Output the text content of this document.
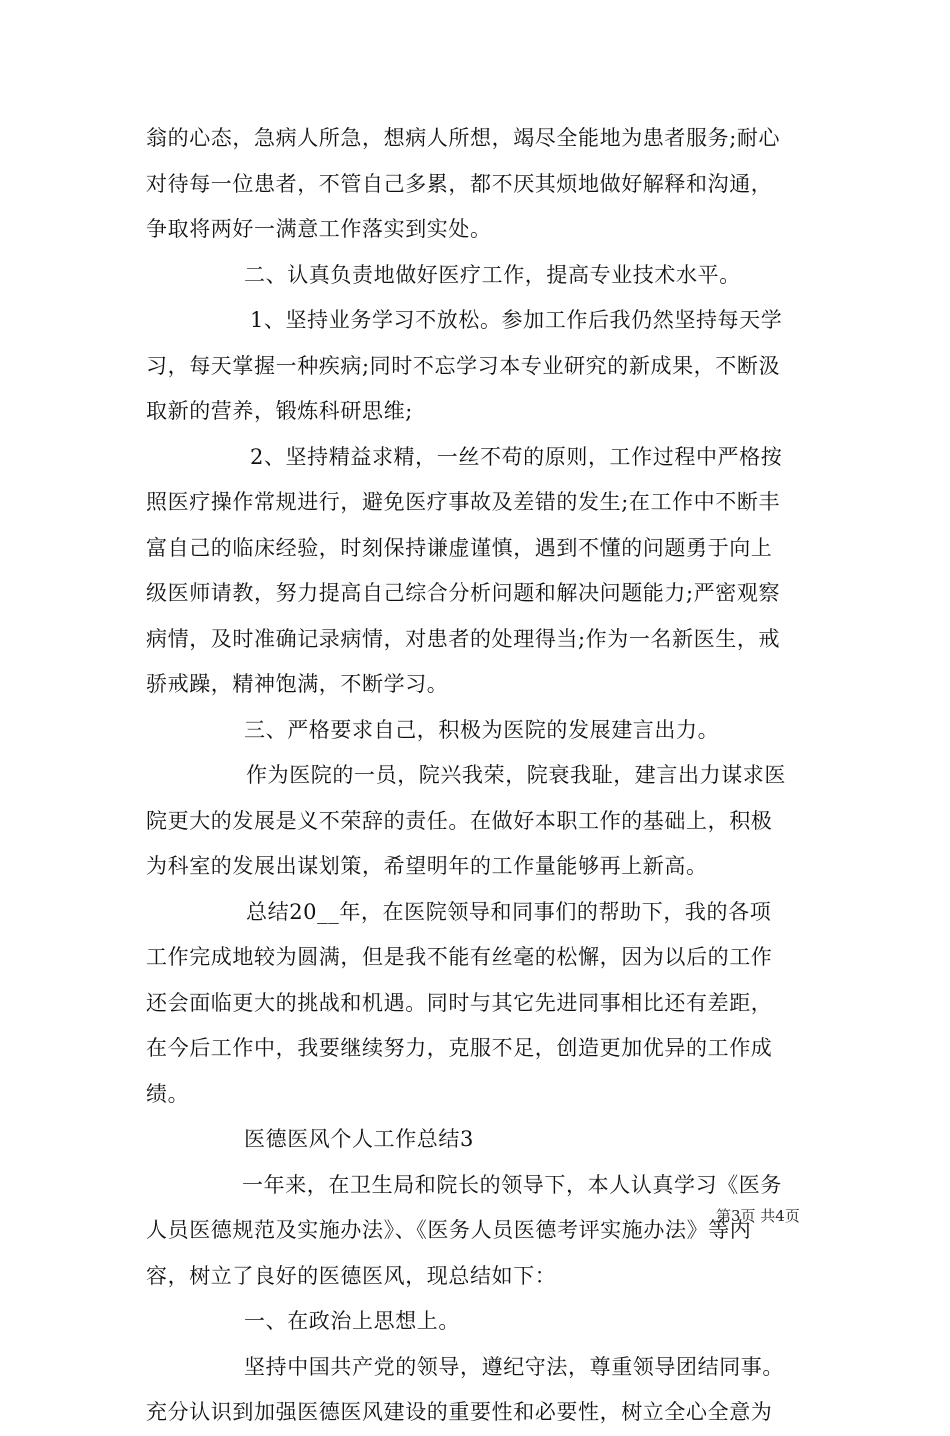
翁的心态，急病人所急，想病人所想，竭尽全能地为患者服务;耐心
对待每一位患者，不管自己多累，都不厌其烦地做好解释和沟通，
争取将两好一满意工作落实到实处。

二、认真负责地做好医疗工作，提高专业技术水平。

1、坚持业务学习不放松。参加工作后我仍然坚持每天学
习，每天掌握一种疾病;同时不忘学习本专业研究的新成果，不断汲
取新的营养，锻炼科研思维;

2、坚持精益求精，一丝不苟的原则，工作过程中严格按
照医疗操作常规进行，避免医疗事故及差错的发生;在工作中不断丰
富自己的临床经验，时刻保持谦虚谨慎，遇到不懂的问题勇于向上
级医师请教，努力提高自己综合分析问题和解决问题能力;严密观察
病情，及时准确记录病情，对患者的处理得当;作为一名新医生，戒
骄戒躁，精神饱满，不断学习。

三、严格要求自己，积极为医院的发展建言出力。

作为医院的一员，院兴我荣，院衰我耻，建言出力谋求医
院更大的发展是义不荣辞的责任。在做好本职工作的基础上，积极
为科室的发展出谋划策，希望明年的工作量能够再上新高。

总结20__年，在医院领导和同事们的帮助下，我的各项
工作完成地较为圆满，但是我不能有丝毫的松懈，因为以后的工作
还会面临更大的挑战和机遇。同时与其它先进同事相比还有差距，
在今后工作中，我要继续努力，克服不足，创造更加优异的工作成
绩。

医德医风个人工作总结3

一年来，在卫生局和院长的领导下，本人认真学习《医务
人员医德规范及实施办法》、《医务人员医德考评实施办法》等内
容，树立了良好的医德医风，现总结如下：

一、在政治上思想上。

坚持中国共产党的领导，遵纪守法，尊重领导团结同事。
充分认识到加强医德医风建设的重要性和必要性，树立全心全意为

第3页 共4页
